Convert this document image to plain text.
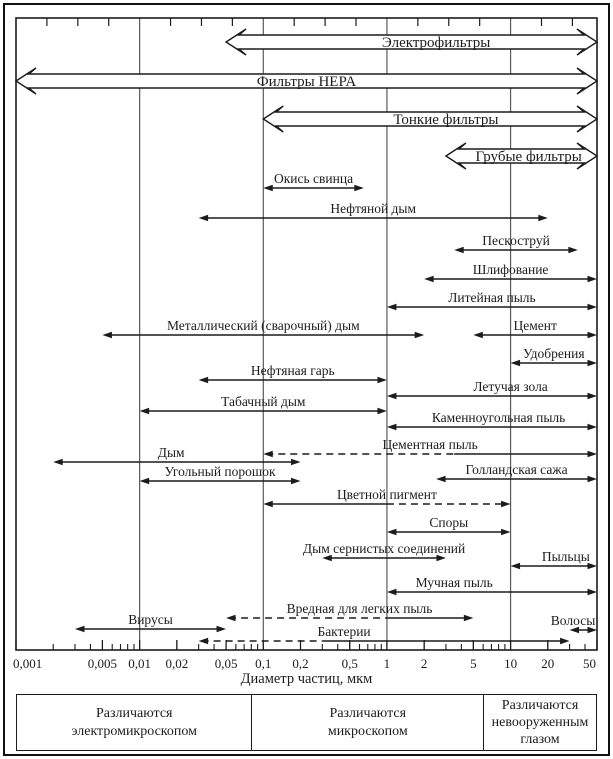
0,001	0,005 0,01 0,02 0,05 0,1 0,2	0,5 1 2	5 10 20 50
Электрофильтры
Фильтры HEPA
Тонкие фильтры
Грубые фильтры
Окись свинца
Нефтяной дым
Пескоструй
Шлифование
Литейная пыль
Металлический (сварочный) дым	Цемент
Удобрения
Нефтяная гарь
Летучая зола
Табачный дым
Каменноугольная пыль
Цементная пыль
Дым
Голландская сажа
Угольный порошок
Цветной пигмент
Споры
Дым сернистых соединений
Пыльцы
Мучная пыль
Вредная для легких пыль
Волосы
Вирусы
Бактерии
Диаметр частиц, мкм
Различаются
электромикроскопом
Различаются
микроскопом
Различаются
невооруженным
глазом
